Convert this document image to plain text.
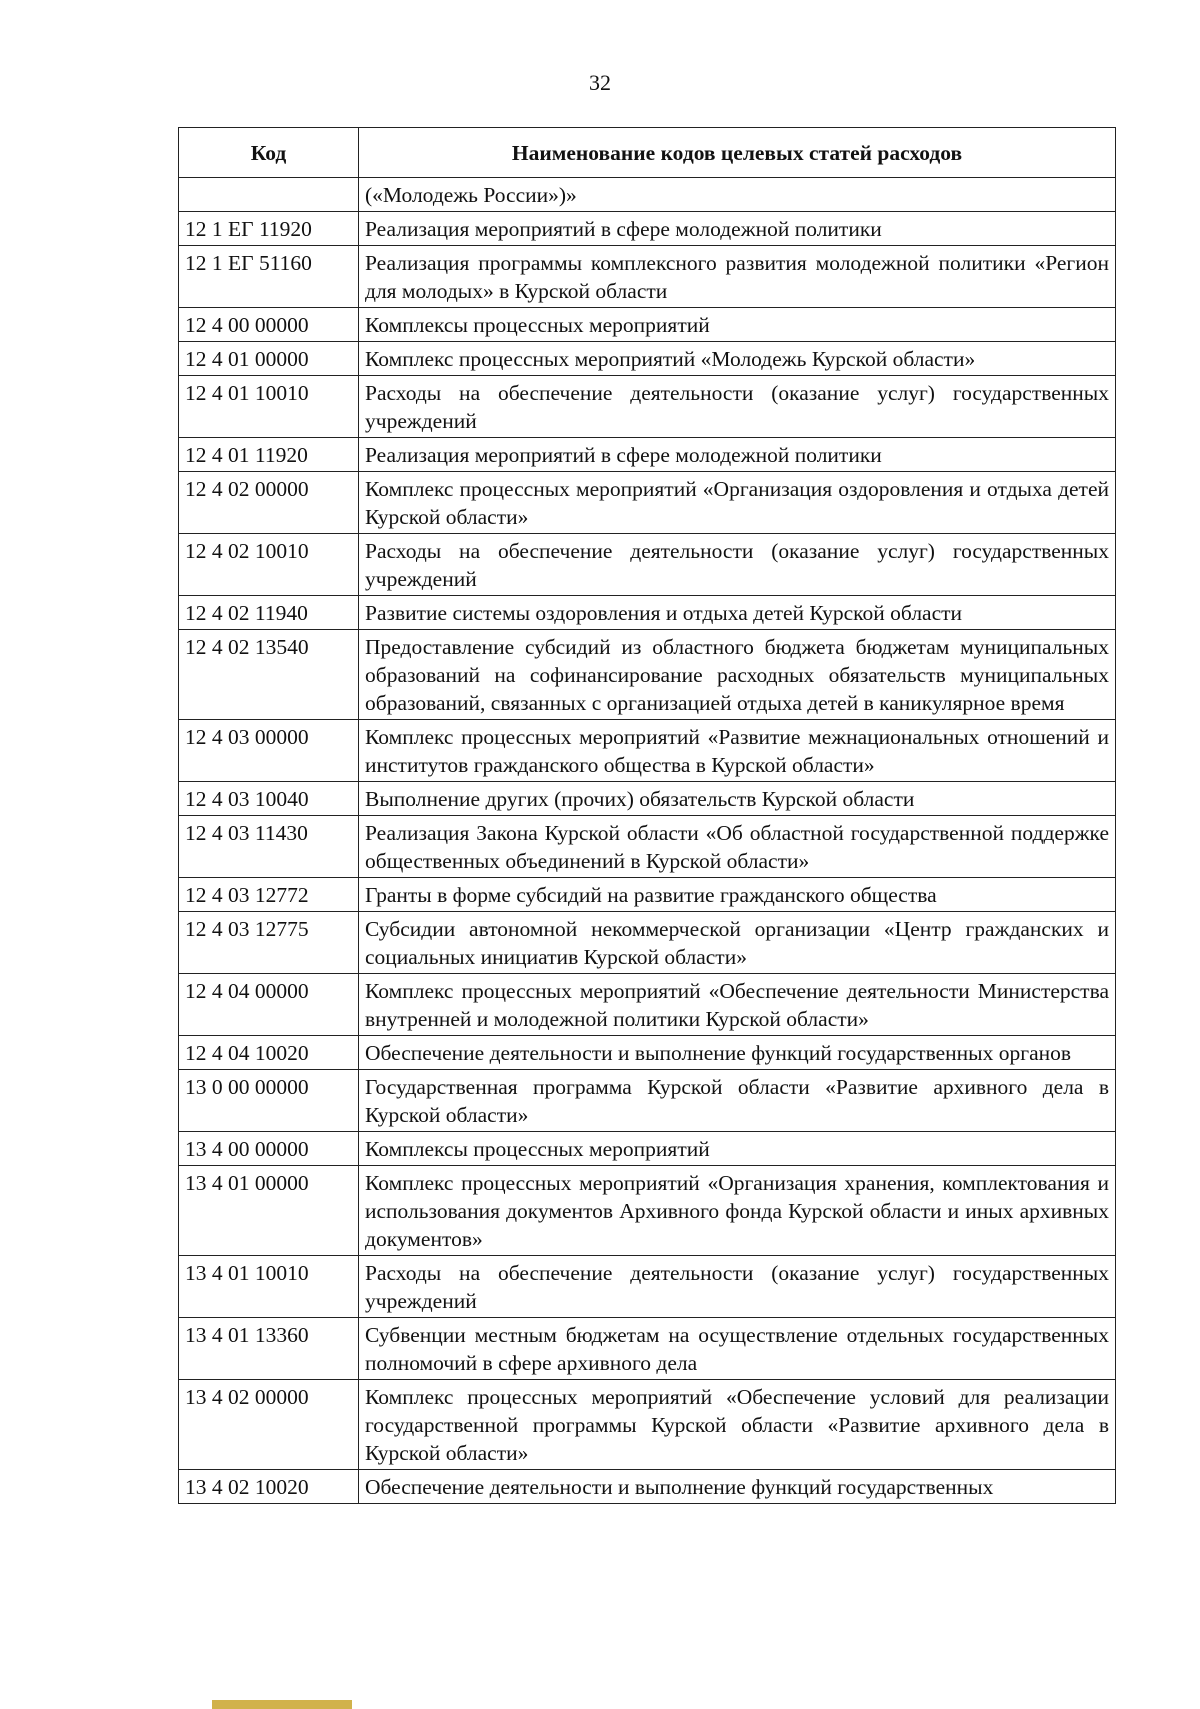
32
Код	Наименование кодов целевых статей расходов
	(«Молодежь России»)»
12 1 ЕГ 11920	Реализация мероприятий в сфере молодежной политики
12 1 ЕГ 51160	Реализация программы комплексного развития молодежной политики «Регион для молодых» в Курской области
12 4 00 00000	Комплексы процессных мероприятий
12 4 01 00000	Комплекс процессных мероприятий «Молодежь Курской области»
12 4 01 10010	Расходы на обеспечение деятельности (оказание услуг) государственных учреждений
12 4 01 11920	Реализация мероприятий в сфере молодежной политики
12 4 02 00000	Комплекс процессных мероприятий «Организация оздоровления и отдыха детей Курской области»
12 4 02 10010	Расходы на обеспечение деятельности (оказание услуг) государственных учреждений
12 4 02 11940	Развитие системы оздоровления и отдыха детей Курской области
12 4 02 13540	Предоставление субсидий из областного бюджета бюджетам муниципальных образований на софинансирование расходных обязательств муниципальных образований, связанных с организацией отдыха детей в каникулярное время
12 4 03 00000	Комплекс процессных мероприятий «Развитие межнациональных отношений и институтов гражданского общества в Курской области»
12 4 03 10040	Выполнение других (прочих) обязательств Курской области
12 4 03 11430	Реализация Закона Курской области «Об областной государственной поддержке общественных объединений в Курской области»
12 4 03 12772	Гранты в форме субсидий на развитие гражданского общества
12 4 03 12775	Субсидии автономной некоммерческой организации «Центр гражданских и социальных инициатив Курской области»
12 4 04 00000	Комплекс процессных мероприятий «Обеспечение деятельности Министерства внутренней и молодежной политики Курской области»
12 4 04 10020	Обеспечение деятельности и выполнение функций государственных органов
13 0 00 00000	Государственная программа Курской области «Развитие архивного дела в Курской области»
13 4 00 00000	Комплексы процессных мероприятий
13 4 01 00000	Комплекс процессных мероприятий «Организация хранения, комплектования и использования документов Архивного фонда Курской области и иных архивных документов»
13 4 01 10010	Расходы на обеспечение деятельности (оказание услуг) государственных учреждений
13 4 01 13360	Субвенции местным бюджетам на осуществление отдельных государственных полномочий в сфере архивного дела
13 4 02 00000	Комплекс процессных мероприятий «Обеспечение условий для реализации государственной программы Курской области «Развитие архивного дела в Курской области»
13 4 02 10020	Обеспечение деятельности и выполнение функций государственных
